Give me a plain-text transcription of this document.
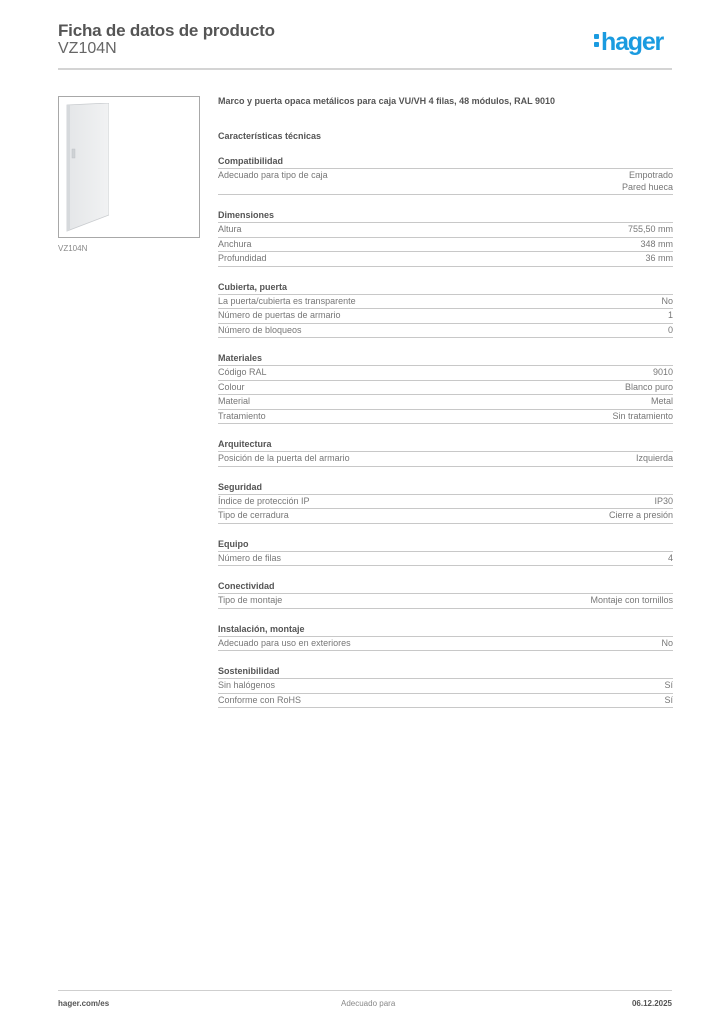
Ficha de datos de producto
VZ104N	hager
VZ104N
Marco y puerta opaca metálicos para caja VU/VH 4 filas, 48 módulos, RAL 9010
Características técnicas
Compatibilidad
Adecuado para tipo de caja	Empotrado
Pared hueca
Dimensiones
Altura	755,50 mm
Anchura	348 mm
Profundidad	36 mm
Cubierta, puerta
La puerta/cubierta es transparente	No
Número de puertas de armario	1
Número de bloqueos	0
Materiales
Código RAL	9010
Colour	Blanco puro
Material	Metal
Tratamiento	Sin tratamiento
Arquitectura
Posición de la puerta del armario	Izquierda
Seguridad
Índice de protección IP	IP30
Tipo de cerradura	Cierre a presión
Equipo
Número de filas	4
Conectividad
Tipo de montaje	Montaje con tornillos
Instalación, montaje
Adecuado para uso en exteriores	No
Sostenibilidad
Sin halógenos	Sí
Conforme con RoHS	Sí
hager.com/es	Adecuado para	06.12.2025
